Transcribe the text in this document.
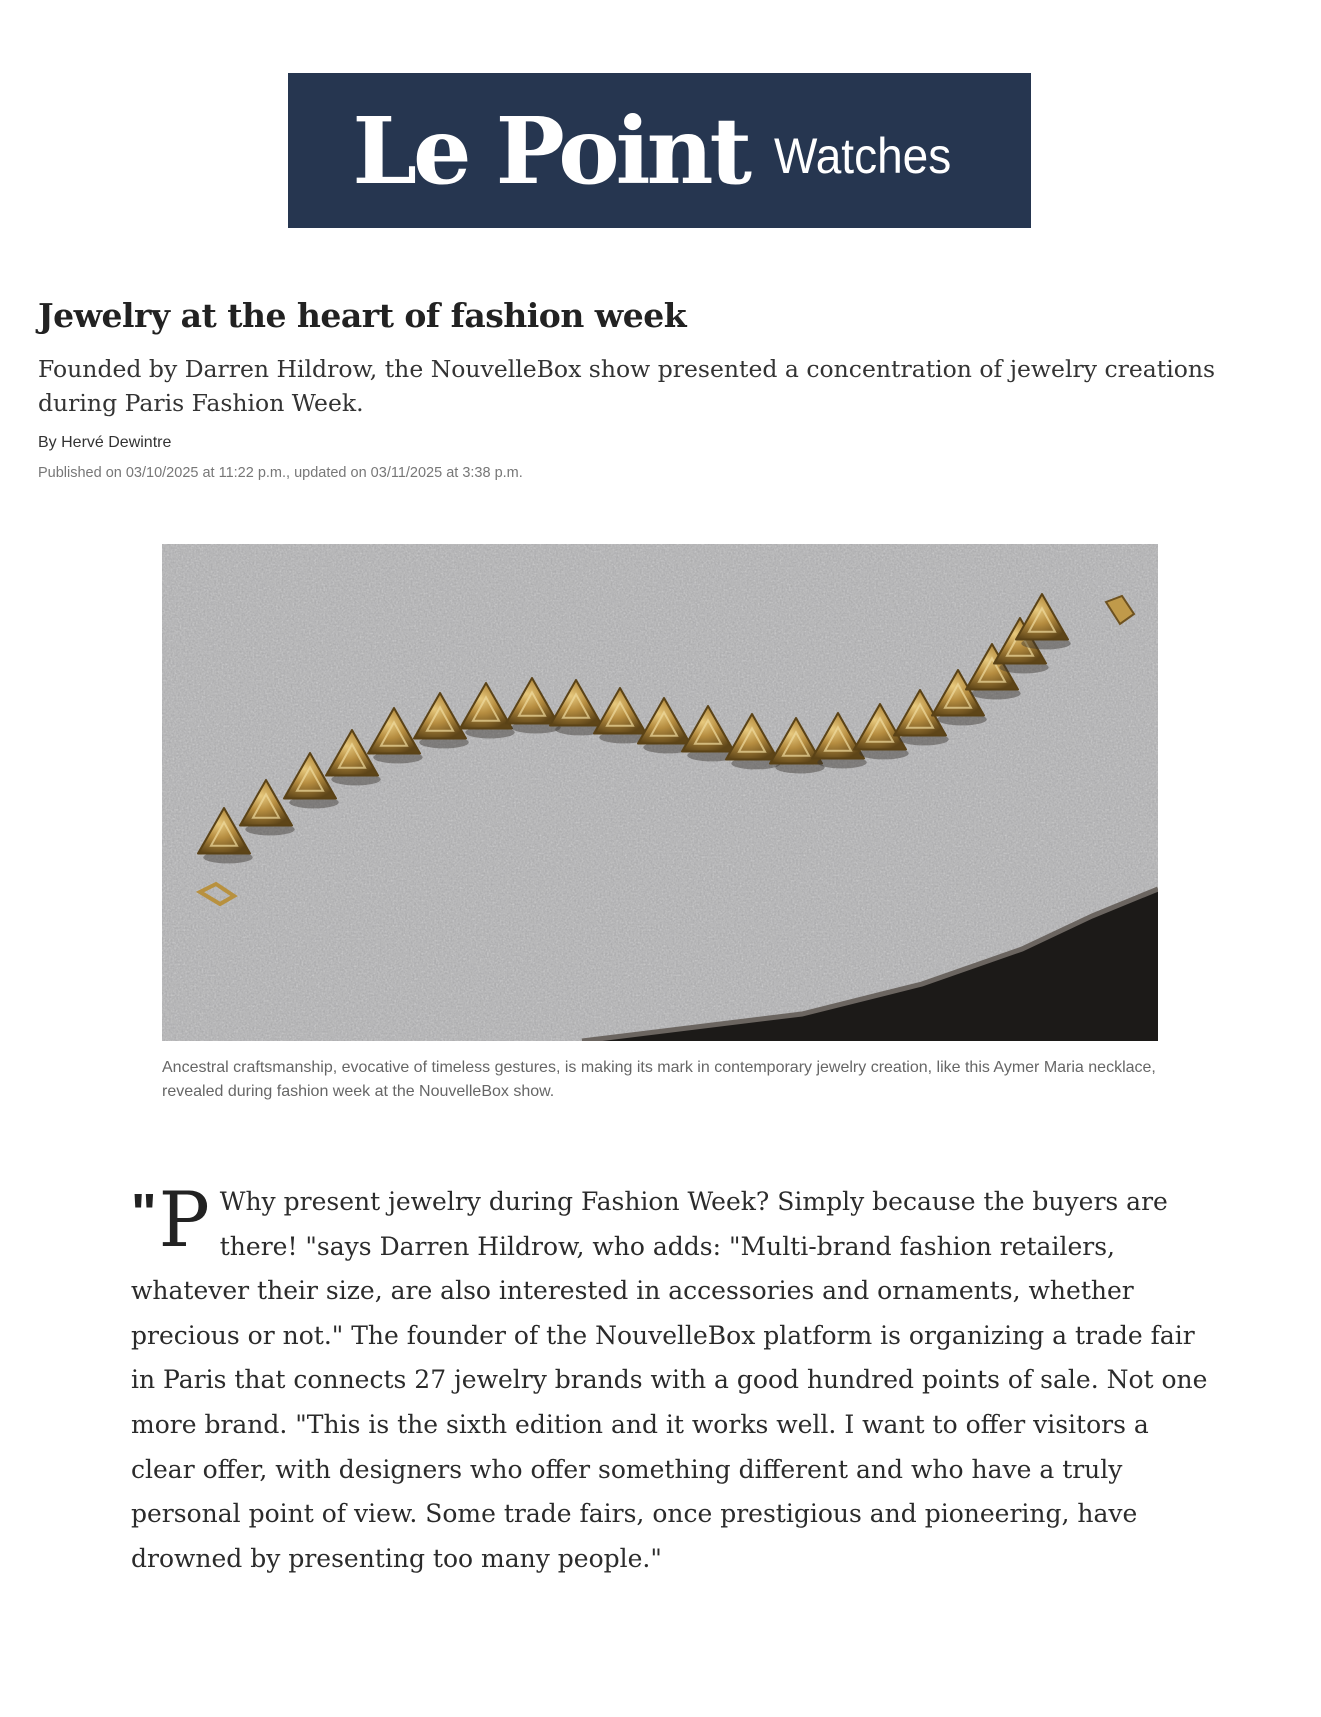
Le Point Watches
Jewelry at the heart of fashion week

Founded by Darren Hildrow, the NouvelleBox show presented a concentration of jewelry creations during Paris Fashion Week.

By Hervé Dewintre

Published on 03/10/2025 at 11:22 p.m., updated on 03/11/2025 at 3:38 p.m.

Ancestral craftsmanship, evocative of timeless gestures, is making its mark in contemporary jewelry creation, like this Aymer Maria necklace, revealed during fashion week at the NouvelleBox show.

" P Why present jewelry during Fashion Week? Simply because the buyers are there! "says Darren Hildrow, who adds: "Multi-brand fashion retailers, whatever their size, are also interested in accessories and ornaments, whether precious or not." The founder of the NouvelleBox platform is organizing a trade fair in Paris that connects 27 jewelry brands with a good hundred points of sale. Not one more brand. "This is the sixth edition and it works well. I want to offer visitors a clear offer, with designers who offer something different and who have a truly personal point of view. Some trade fairs, once prestigious and pioneering, have drowned by presenting too many people."
